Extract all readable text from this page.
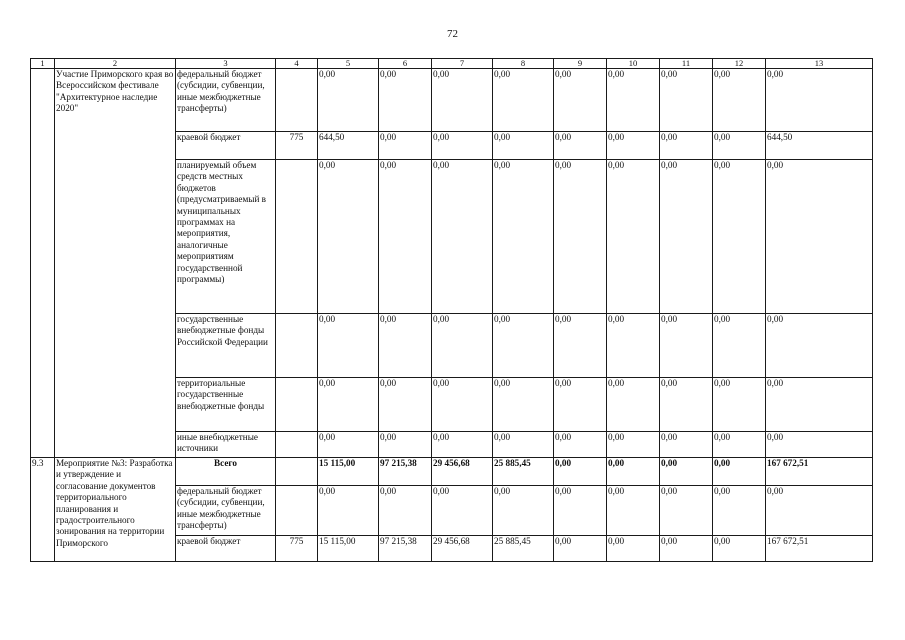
72
1	2	3	4	5	6	7	8	9	10	11	12	13
	Участие Приморского края во Всероссийском фестивале "Архитектурное наследие 2020"	федеральный бюджет (субсидии, субвенции, иные межбюджетные трансферты)		0,00	0,00	0,00	0,00	0,00	0,00	0,00	0,00	0,00
		краевой бюджет	775	644,50	0,00	0,00	0,00	0,00	0,00	0,00	0,00	644,50
		планируемый объем средств местных бюджетов (предусматриваемый в муниципальных программах на мероприятия, аналогичные мероприятиям государственной программы)		0,00	0,00	0,00	0,00	0,00	0,00	0,00	0,00	0,00
		государственные внебюджетные фонды Российской Федерации		0,00	0,00	0,00	0,00	0,00	0,00	0,00	0,00	0,00
		территориальные государственные внебюджетные фонды		0,00	0,00	0,00	0,00	0,00	0,00	0,00	0,00	0,00
		иные внебюджетные источники		0,00	0,00	0,00	0,00	0,00	0,00	0,00	0,00	0,00
9.3	Мероприятие №3: Разработка и утверждение и согласование документов территориального планирования и градостроительного зонирования на территории Приморского	Всего		15 115,00	97 215,38	29 456,68	25 885,45	0,00	0,00	0,00	0,00	167 672,51
		федеральный бюджет (субсидии, субвенции, иные межбюджетные трансферты)		0,00	0,00	0,00	0,00	0,00	0,00	0,00	0,00	0,00
		краевой бюджет	775	15 115,00	97 215,38	29 456,68	25 885,45	0,00	0,00	0,00	0,00	167 672,51
